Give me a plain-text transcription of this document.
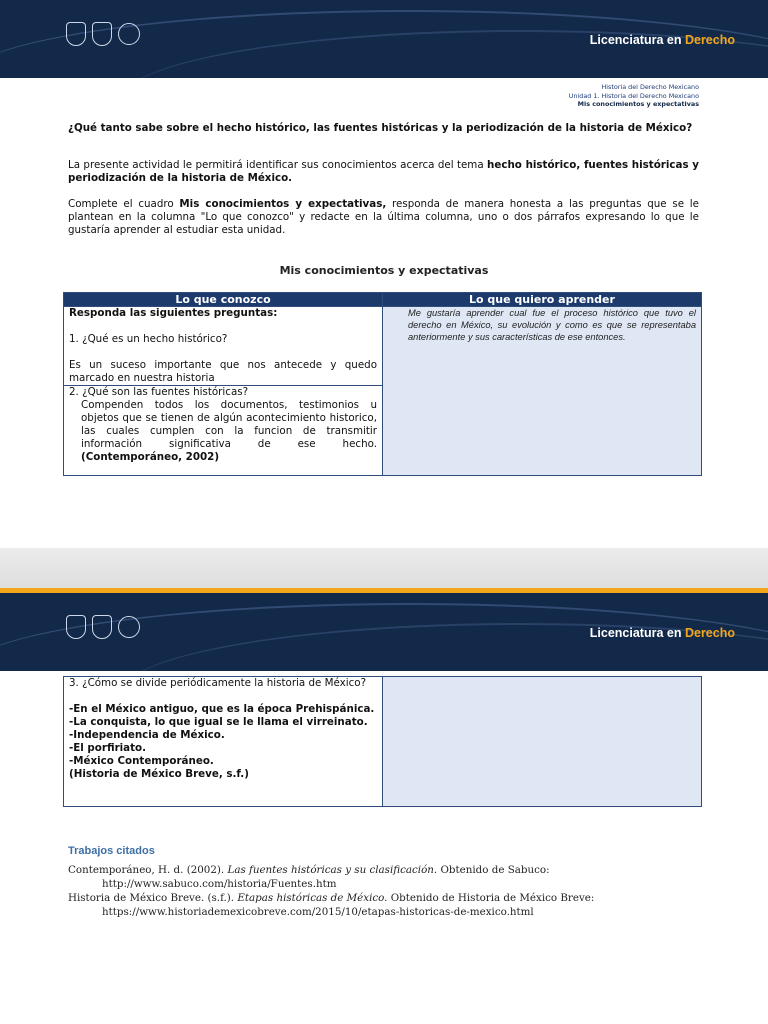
Licenciatura en Derecho
Historia del Derecho Mexicano
Unidad 1. Historia del Derecho Mexicano
Mis conocimientos y expectativas
¿Qué tanto sabe sobre el hecho histórico, las fuentes históricas y la periodización de la historia de México?
La presente actividad le permitirá identificar sus conocimientos acerca del tema hecho histórico, fuentes históricas y periodización de la historia de México.
Complete el cuadro Mis conocimientos y expectativas, responda de manera honesta a las preguntas que se le plantean en la columna "Lo que conozco" y redacte en la última columna, uno o dos párrafos expresando lo que le gustaría aprender al estudiar esta unidad.
Mis conocimientos y expectativas
Lo que conozco	Lo que quiero aprender

Responda las siguientes preguntas:
1. ¿Qué es un hecho histórico?
Es un suceso importante que nos antecede y quedo marcado en nuestra historia	Me gustaría aprender cual fue el proceso histórico que tuvo el derecho en México, su evolución y como es que se representaba anteriormente y sus características de ese entonces.

2. ¿Qué son las fuentes históricas?
Compenden todos los documentos, testimonios u objetos que se tienen de algún acontecimiento historico, las cuales cumplen con la funcion de transmitir información significativa de ese hecho. (Contemporáneo, 2002)	
Licenciatura en Derecho
3. ¿Cómo se divide periódicamente la historia de México?
-En el México antiguo, que es la época Prehispánica.
-La conquista, lo que igual se le llama el virreinato.
-Independencia de México.
-El porfiriato.
-México Contemporáneo.
(Historia de México Breve, s.f.)

Trabajos citados
Contemporáneo, H. d. (2002). Las fuentes históricas y su clasificación. Obtenido de Sabuco:
http://www.sabuco.com/historia/Fuentes.htm
Historia de México Breve. (s.f.). Etapas históricas de México. Obtenido de Historia de México Breve:
https://www.historiademexicobreve.com/2015/10/etapas-historicas-de-mexico.html
